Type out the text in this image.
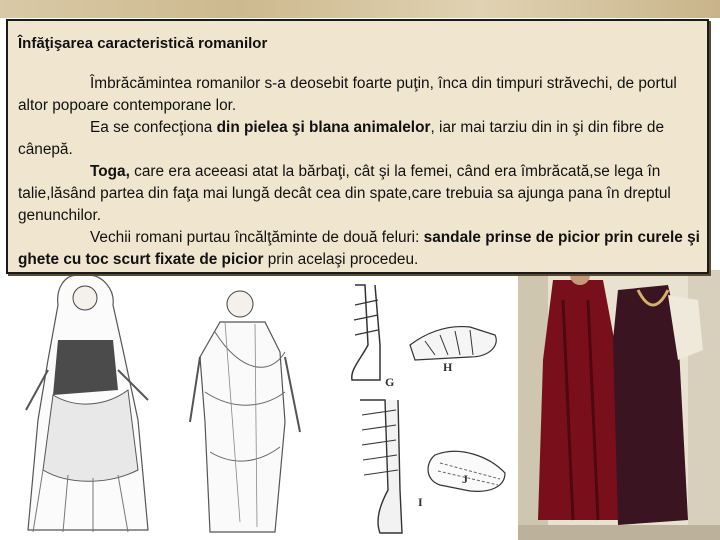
G
H
I
J

Înfăţişarea caracteristică romanilor

Îmbrăcămintea romanilor s-a deosebit foarte puţin, înca din timpuri străvechi, de portul altor popoare contemporane lor.

Ea se confecţiona din pielea şi blana animalelor, iar mai tarziu din in şi din fibre de cânepă.

Toga, care era aceeasi atat la bărbaţi, cât şi la femei, când era îmbrăcată,se lega în talie,lăsând partea din faţa mai lungă decât cea din spate,care trebuia sa ajunga pana în dreptul genunchilor.

Vechii romani purtau încălţăminte de două feluri: sandale prinse de picior prin curele şi ghete cu toc scurt fixate de picior prin acelaşi procedeu.
